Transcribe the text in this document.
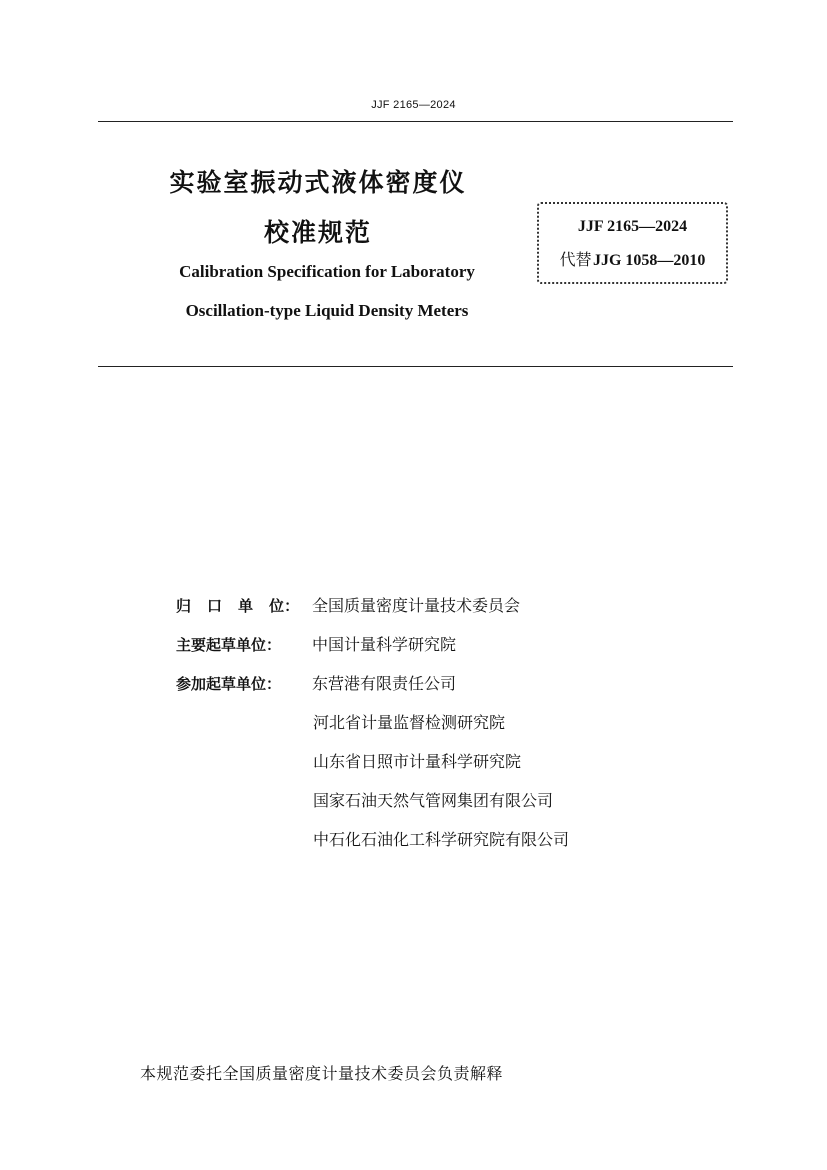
JJF 2165—2024
实验室振动式液体密度仪
校准规范
Calibration Specification for Laboratory
Oscillation-type Liquid Density Meters
JJF 2165—2024
代替 JJG 1058—2010
归 口 单 位： 全国质量密度计量技术委员会
主要起草单位： 中国计量科学研究院
参加起草单位： 东营港有限责任公司
河北省计量监督检测研究院
山东省日照市计量科学研究院
国家石油天然气管网集团有限公司
中石化石油化工科学研究院有限公司
本规范委托全国质量密度计量技术委员会负责解释
